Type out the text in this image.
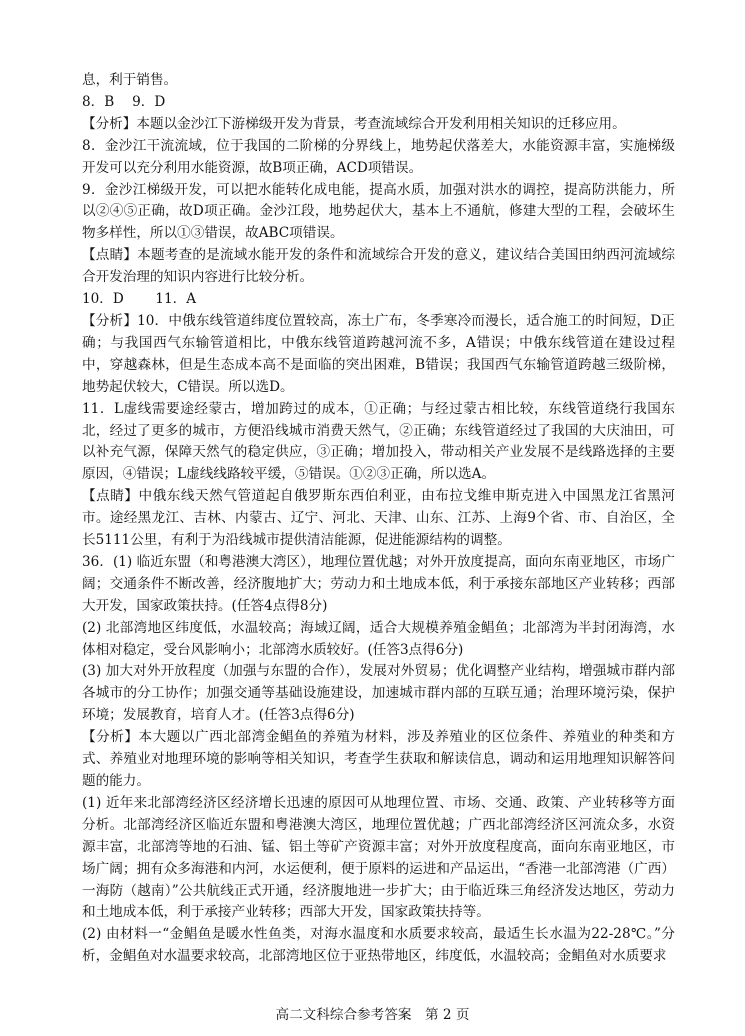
息，利于销售。

8．B　 9．D

【分析】本题以金沙江下游梯级开发为背景，考查流域综合开发利用相关知识的迁移应用。

8．金沙江干流流域，位于我国的二阶梯的分界线上，地势起伏落差大，水能资源丰富，实施梯级开发可以充分利用水能资源，故B项正确，ACD项错误。

9．金沙江梯级开发，可以把水能转化成电能，提高水质，加强对洪水的调控，提高防洪能力，所以②④⑤正确，故D项正确。金沙江段，地势起伏大，基本上不通航，修建大型的工程，会破坏生物多样性，所以①③错误，故ABC项错误。

【点睛】本题考查的是流域水能开发的条件和流域综合开发的意义，建议结合美国田纳西河流域综合开发治理的知识内容进行比较分析。

10．D　　 11．A

【分析】10．中俄东线管道纬度位置较高，冻土广布，冬季寒冷而漫长，适合施工的时间短，D正确；与我国西气东输管道相比，中俄东线管道跨越河流不多，A错误；中俄东线管道在建设过程中，穿越森林，但是生态成本高不是面临的突出困难，B错误；我国西气东输管道跨越三级阶梯，地势起伏较大，C错误。所以选D。

11．L虚线需要途经蒙古，增加跨过的成本，①正确；与经过蒙古相比较，东线管道绕行我国东北，经过了更多的城市，方便沿线城市消费天然气，②正确；东线管道经过了我国的大庆油田，可以补充气源，保障天然气的稳定供应，③正确；增加投入，带动相关产业发展不是线路选择的主要原因，④错误；L虚线线路较平缓，⑤错误。①②③正确，所以选A。

【点睛】中俄东线天然气管道起自俄罗斯东西伯利亚，由布拉戈维申斯克进入中国黑龙江省黑河市。途经黑龙江、吉林、内蒙古、辽宁、河北、天津、山东、江苏、上海9个省、市、自治区，全长5111公里，有利于为沿线城市提供清洁能源，促进能源结构的调整。

36．(1) 临近东盟（和粤港澳大湾区），地理位置优越；对外开放度提高，面向东南亚地区，市场广阔；交通条件不断改善，经济腹地扩大；劳动力和土地成本低，利于承接东部地区产业转移；西部大开发，国家政策扶持。(任答4点得8分)

(2) 北部湾地区纬度低，水温较高；海域辽阔，适合大规模养殖金鲳鱼；北部湾为半封闭海湾，水体相对稳定，受台风影响小；北部湾水质较好。(任答3点得6分)

(3) 加大对外开放程度（加强与东盟的合作），发展对外贸易；优化调整产业结构，增强城市群内部各城市的分工协作；加强交通等基础设施建设，加速城市群内部的互联互通；治理环境污染，保护环境；发展教育，培育人才。(任答3点得6分)

【分析】本大题以广西北部湾金鲳鱼的养殖为材料，涉及养殖业的区位条件、养殖业的种类和方式、养殖业对地理环境的影响等相关知识，考查学生获取和解读信息，调动和运用地理知识解答问题的能力。

(1) 近年来北部湾经济区经济增长迅速的原因可从地理位置、市场、交通、政策、产业转移等方面分析。北部湾经济区临近东盟和粤港澳大湾区，地理位置优越；广西北部湾经济区河流众多，水资源丰富，北部湾等地的石油、锰、铝土等矿产资源丰富；对外开放度程度高，面向东南亚地区，市场广阔；拥有众多海港和内河，水运便利，便于原料的运进和产品运出，“香港一北部湾港（广西）一海防（越南）”公共航线正式开通，经济腹地进一步扩大；由于临近珠三角经济发达地区，劳动力和土地成本低，利于承接产业转移；西部大开发，国家政策扶持等。

(2) 由材料一“金鲳鱼是暖水性鱼类，对海水温度和水质要求较高，最适生长水温为22-28℃。”分析，金鲳鱼对水温要求较高，北部湾地区位于亚热带地区，纬度低，水温较高；金鲳鱼对水质要求

高二文科综合参考答案　第 2 页
